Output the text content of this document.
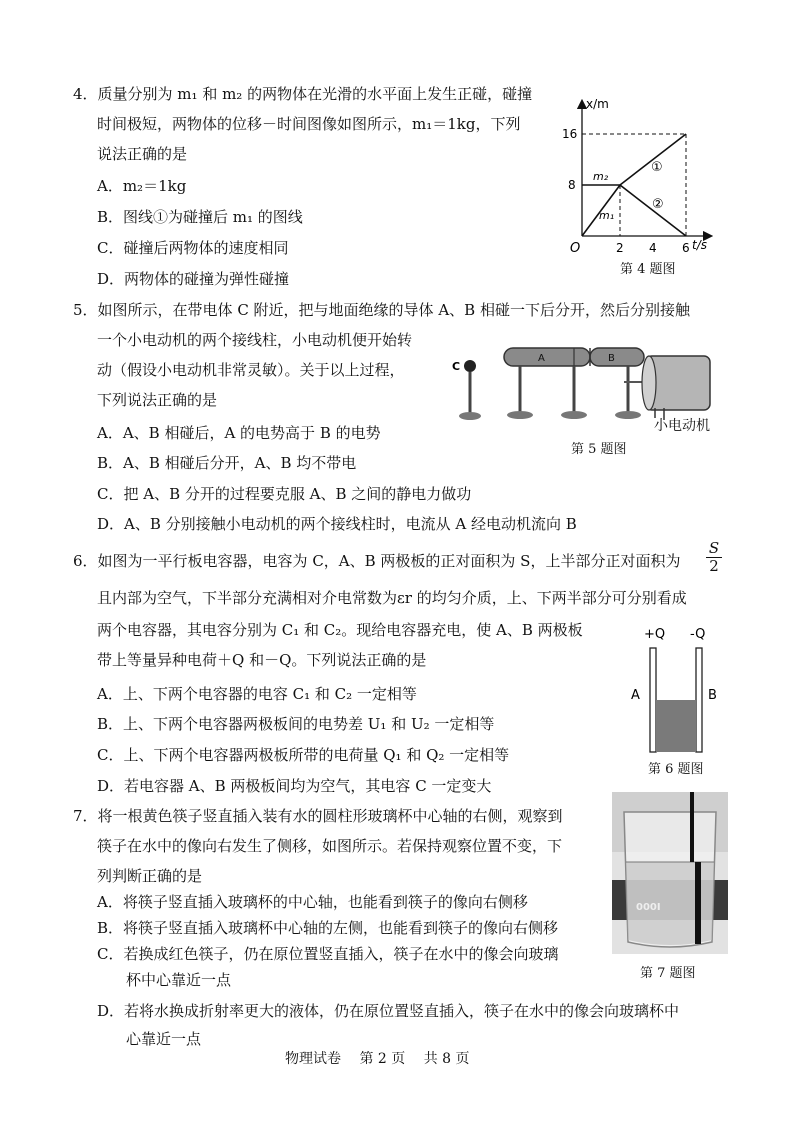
4．质量分别为 m₁ 和 m₂ 的两物体在光滑的水平面上发生正碰，碰撞
时间极短，两物体的位移－时间图像如图所示，m₁＝1kg，下列
说法正确的是
A．m₂＝1kg
B．图线①为碰撞后 m₁ 的图线
C．碰撞后两物体的速度相同
D．两物体的碰撞为弹性碰撞
x/m
t/s
O	2 4 6
8
16
m₂
m₁
①
②
第 4 题图
5．如图所示，在带电体 C 附近，把与地面绝缘的导体 A、B 相碰一下后分开，然后分别接触
一个小电动机的两个接线柱，小电动机便开始转
动（假设小电动机非常灵敏）。关于以上过程，
下列说法正确的是
A．A、B 相碰后，A 的电势高于 B 的电势
B．A、B 相碰后分开，A、B 均不带电
C．把 A、B 分开的过程要克服 A、B 之间的静电力做功
D．A、B 分别接触小电动机的两个接线柱时，电流从 A 经电动机流向 B
C
A	B
小电动机
第 5 题图
6．如图为一平行板电容器，电容为 C，A、B 两极板的正对面积为 S，上半部分正对面积为 $\frac{S}{2}$
且内部为空气，下半部分充满相对介电常数为εr 的均匀介质，上、下两半部分可分别看成
两个电容器，其电容分别为 C₁ 和 C₂。现给电容器充电，使 A、B 两极板
带上等量异种电荷＋Q 和－Q。下列说法正确的是
A．上、下两个电容器的电容 C₁ 和 C₂ 一定相等
B．上、下两个电容器两极板间的电势差 U₁ 和 U₂ 一定相等
C．上、下两个电容器两极板所带的电荷量 Q₁ 和 Q₂ 一定相等
D．若电容器 A、B 两极板间均为空气，其电容 C 一定变大
+Q -Q
A	B
第 6 题图
7．将一根黄色筷子竖直插入装有水的圆柱形玻璃杯中心轴的右侧，观察到
筷子在水中的像向右发生了侧移，如图所示。若保持观察位置不变，下
列判断正确的是
A．将筷子竖直插入玻璃杯的中心轴，也能看到筷子的像向右侧移
B．将筷子竖直插入玻璃杯中心轴的左侧，也能看到筷子的像向右侧移
C．若换成红色筷子，仍在原位置竖直插入，筷子在水中的像会向玻璃
杯中心靠近一点
D．若将水换成折射率更大的液体，仍在原位置竖直插入，筷子在水中的像会向玻璃杯中
心靠近一点
000I
第 7 题图
物理试卷　 第 2 页　 共 8 页
